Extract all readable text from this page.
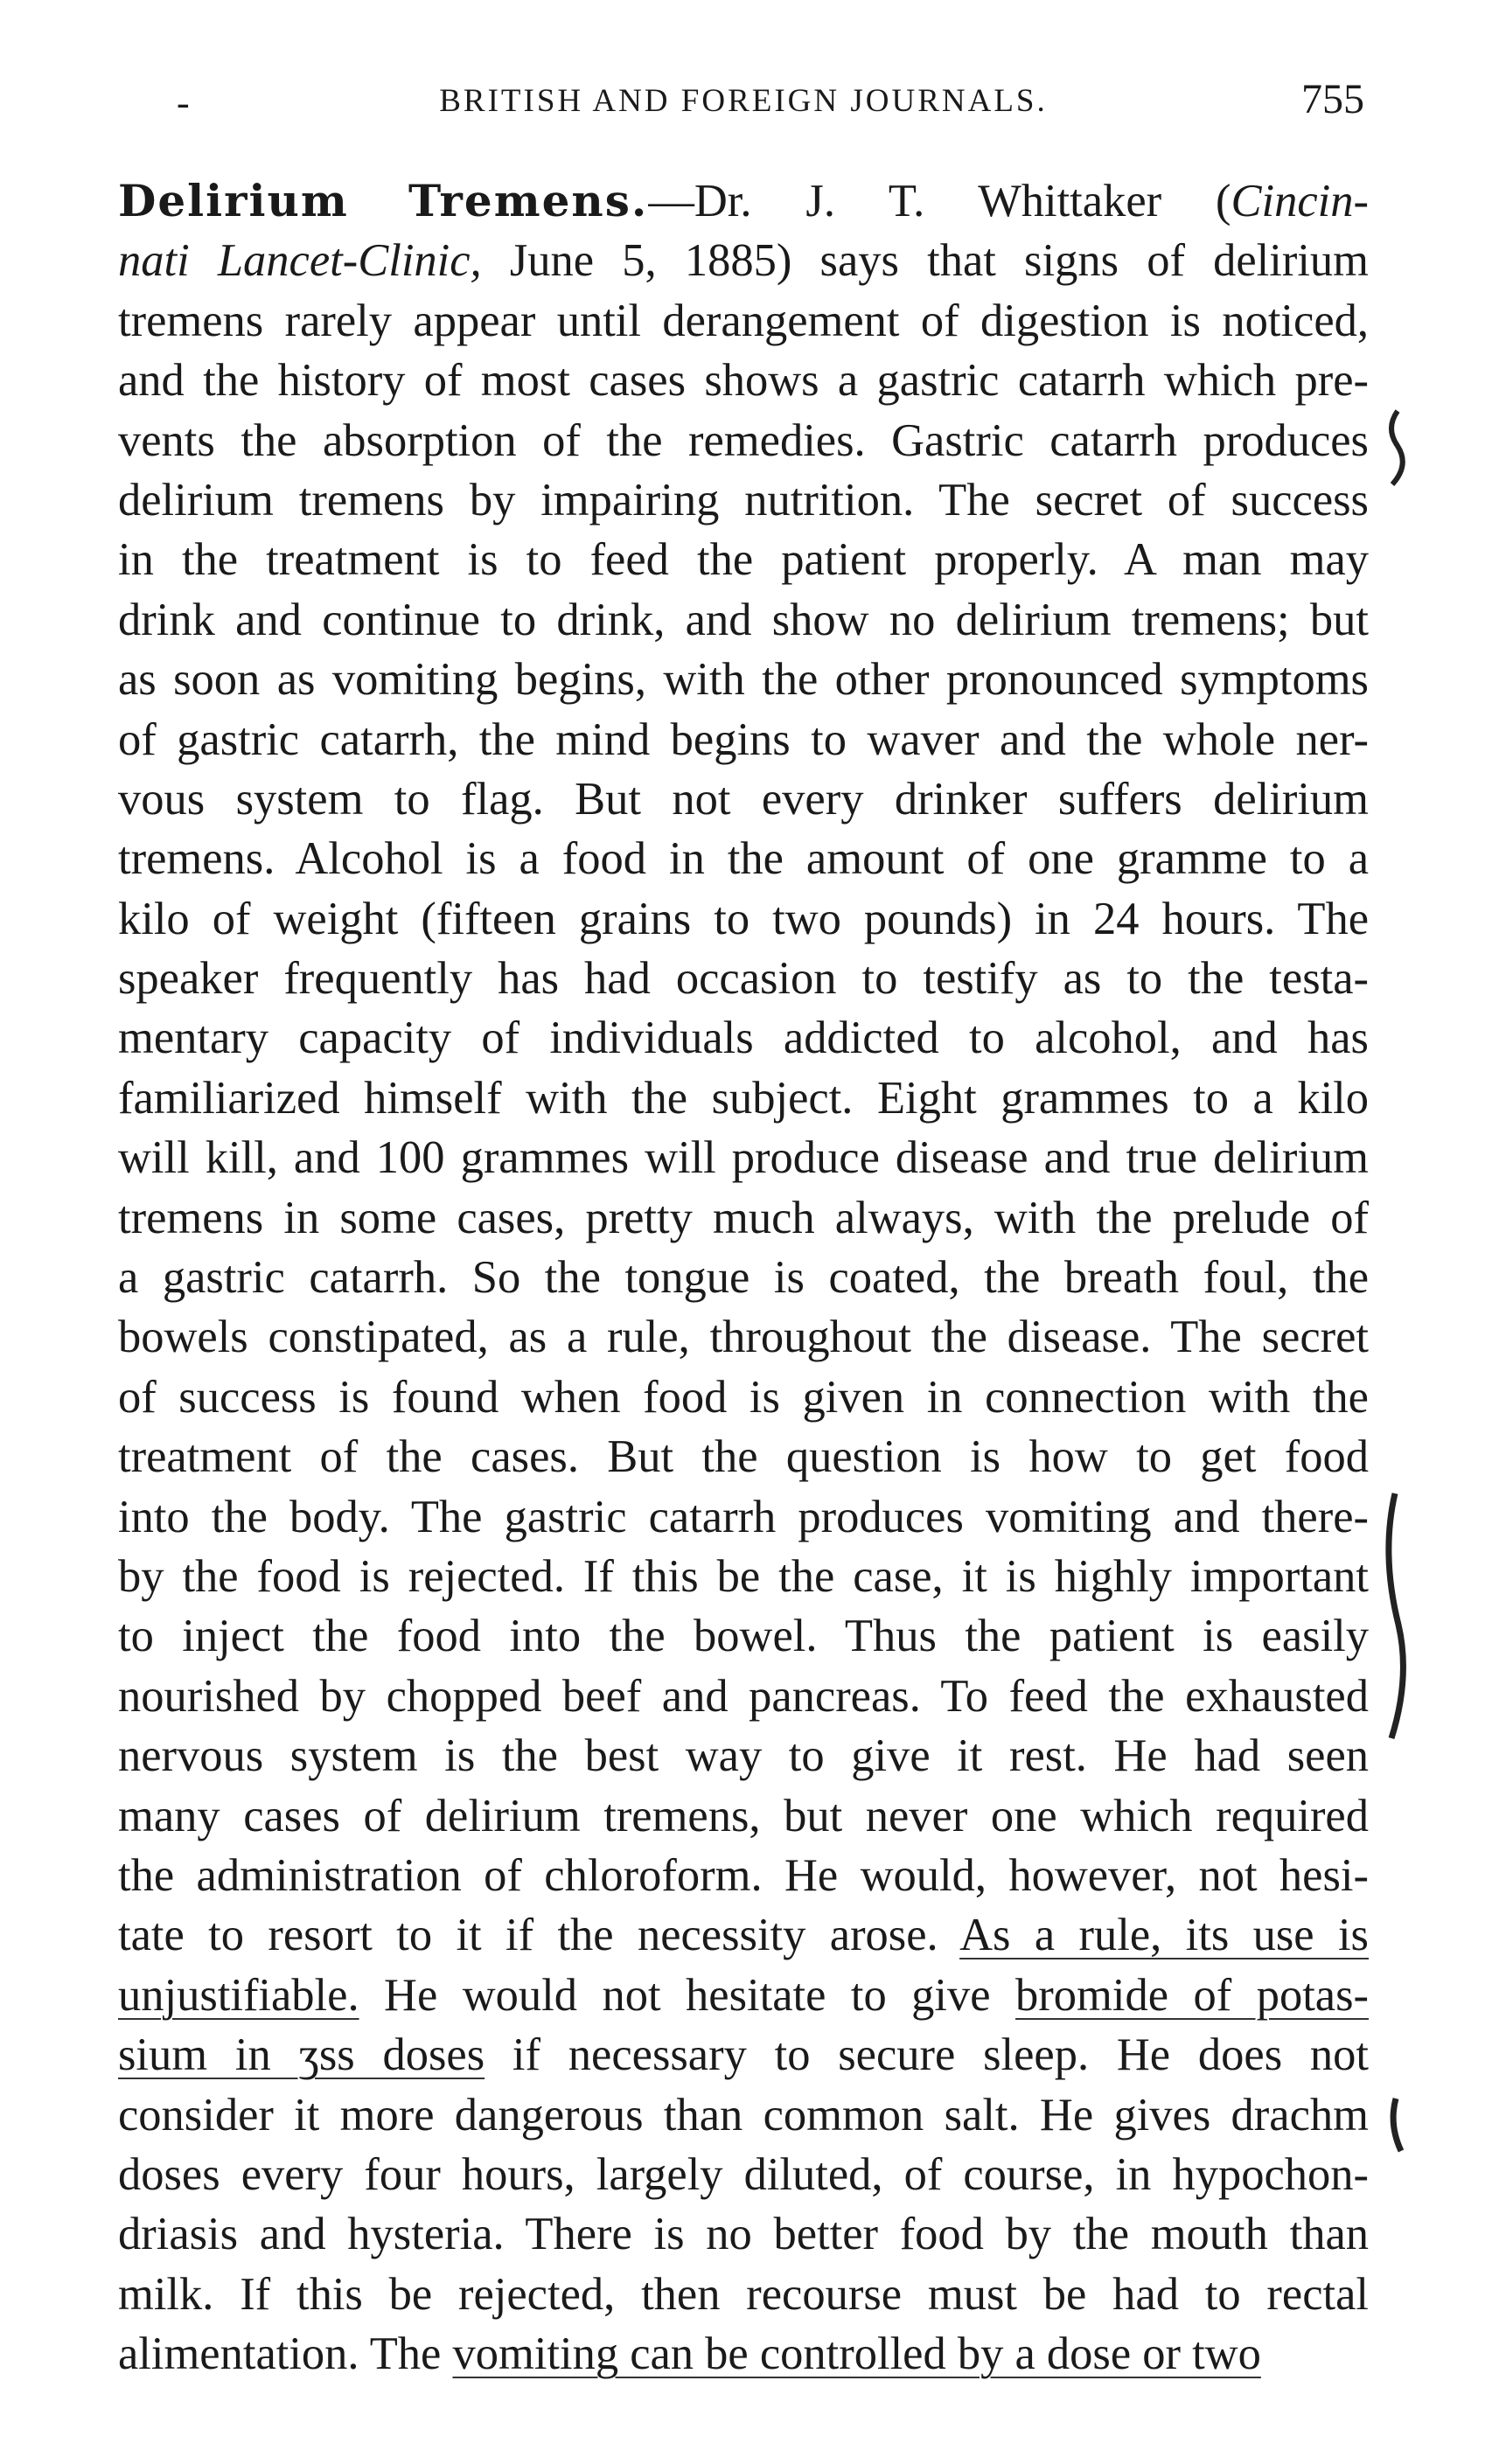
-	BRITISH AND FOREIGN JOURNALS.	755
Delirium Tremens.—Dr. J. T. Whittaker (Cincin-
nati Lancet-Clinic, June 5, 1885) says that signs of delirium
tremens rarely appear until derangement of digestion is noticed,
and the history of most cases shows a gastric catarrh which pre-
vents the absorption of the remedies. Gastric catarrh produces
delirium tremens by impairing nutrition. The secret of success
in the treatment is to feed the patient properly. A man may
drink and continue to drink, and show no delirium tremens; but
as soon as vomiting begins, with the other pronounced symptoms
of gastric catarrh, the mind begins to waver and the whole ner-
vous system to flag. But not every drinker suffers delirium
tremens. Alcohol is a food in the amount of one gramme to a
kilo of weight (fifteen grains to two pounds) in 24 hours. The
speaker frequently has had occasion to testify as to the testa-
mentary capacity of individuals addicted to alcohol, and has
familiarized himself with the subject. Eight grammes to a kilo
will kill, and 100 grammes will produce disease and true delirium
tremens in some cases, pretty much always, with the prelude of
a gastric catarrh. So the tongue is coated, the breath foul, the
bowels constipated, as a rule, throughout the disease. The secret
of success is found when food is given in connection with the
treatment of the cases. But the question is how to get food
into the body. The gastric catarrh produces vomiting and there-
by the food is rejected. If this be the case, it is highly important
to inject the food into the bowel. Thus the patient is easily
nourished by chopped beef and pancreas. To feed the exhausted
nervous system is the best way to give it rest. He had seen
many cases of delirium tremens, but never one which required
the administration of chloroform. He would, however, not hesi-
tate to resort to it if the necessity arose. As a rule, its use is
unjustifiable. He would not hesitate to give bromide of potas-
sium in ʒss doses if necessary to secure sleep. He does not
consider it more dangerous than common salt. He gives drachm
doses every four hours, largely diluted, of course, in hypochon-
driasis and hysteria. There is no better food by the mouth than
milk. If this be rejected, then recourse must be had to rectal
alimentation. The vomiting can be controlled by a dose or two
